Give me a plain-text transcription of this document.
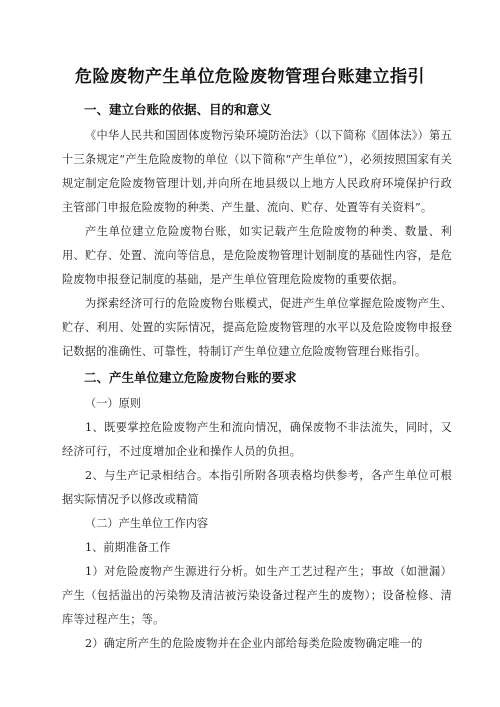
危险废物产生单位危险废物管理台账建立指引

一、建立台账的依据、目的和意义

《中华人民共和国固体废物污染环境防治法》（以下简称《固体法》）第五十三条规定“产生危险废物的单位（以下简称“产生单位”），必须按照国家有关规定制定危险废物管理计划,并向所在地县级以上地方人民政府环境保护行政主管部门申报危险废物的种类、产生量、流向、贮存、处置等有关资料”。

产生单位建立危险废物台账，如实记载产生危险废物的种类、数量、利用、贮存、处置、流向等信息，是危险废物管理计划制度的基础性内容，是危险废物申报登记制度的基础，是产生单位管理危险废物的重要依据。

为探索经济可行的危险废物台账模式，促进产生单位掌握危险废物产生、贮存、利用、处置的实际情况，提高危险废物管理的水平以及危险废物申报登记数据的准确性、可靠性，特制订产生单位建立危险废物管理台账指引。

二、产生单位建立危险废物台账的要求

（一）原则

1、既要掌控危险废物产生和流向情况，确保废物不非法流失，同时，又经济可行，不过度增加企业和操作人员的负担。

2、与生产记录相结合。本指引所附各项表格均供参考，各产生单位可根据实际情况予以修改或精简

（二）产生单位工作内容

1、前期准备工作

1）对危险废物产生源进行分析。如生产工艺过程产生；事故（如泄漏）产生（包括溢出的污染物及清洁被污染设备过程产生的废物）；设备检修、清库等过程产生；等。

2）确定所产生的危险废物并在企业内部给每类危险废物确定唯一的
